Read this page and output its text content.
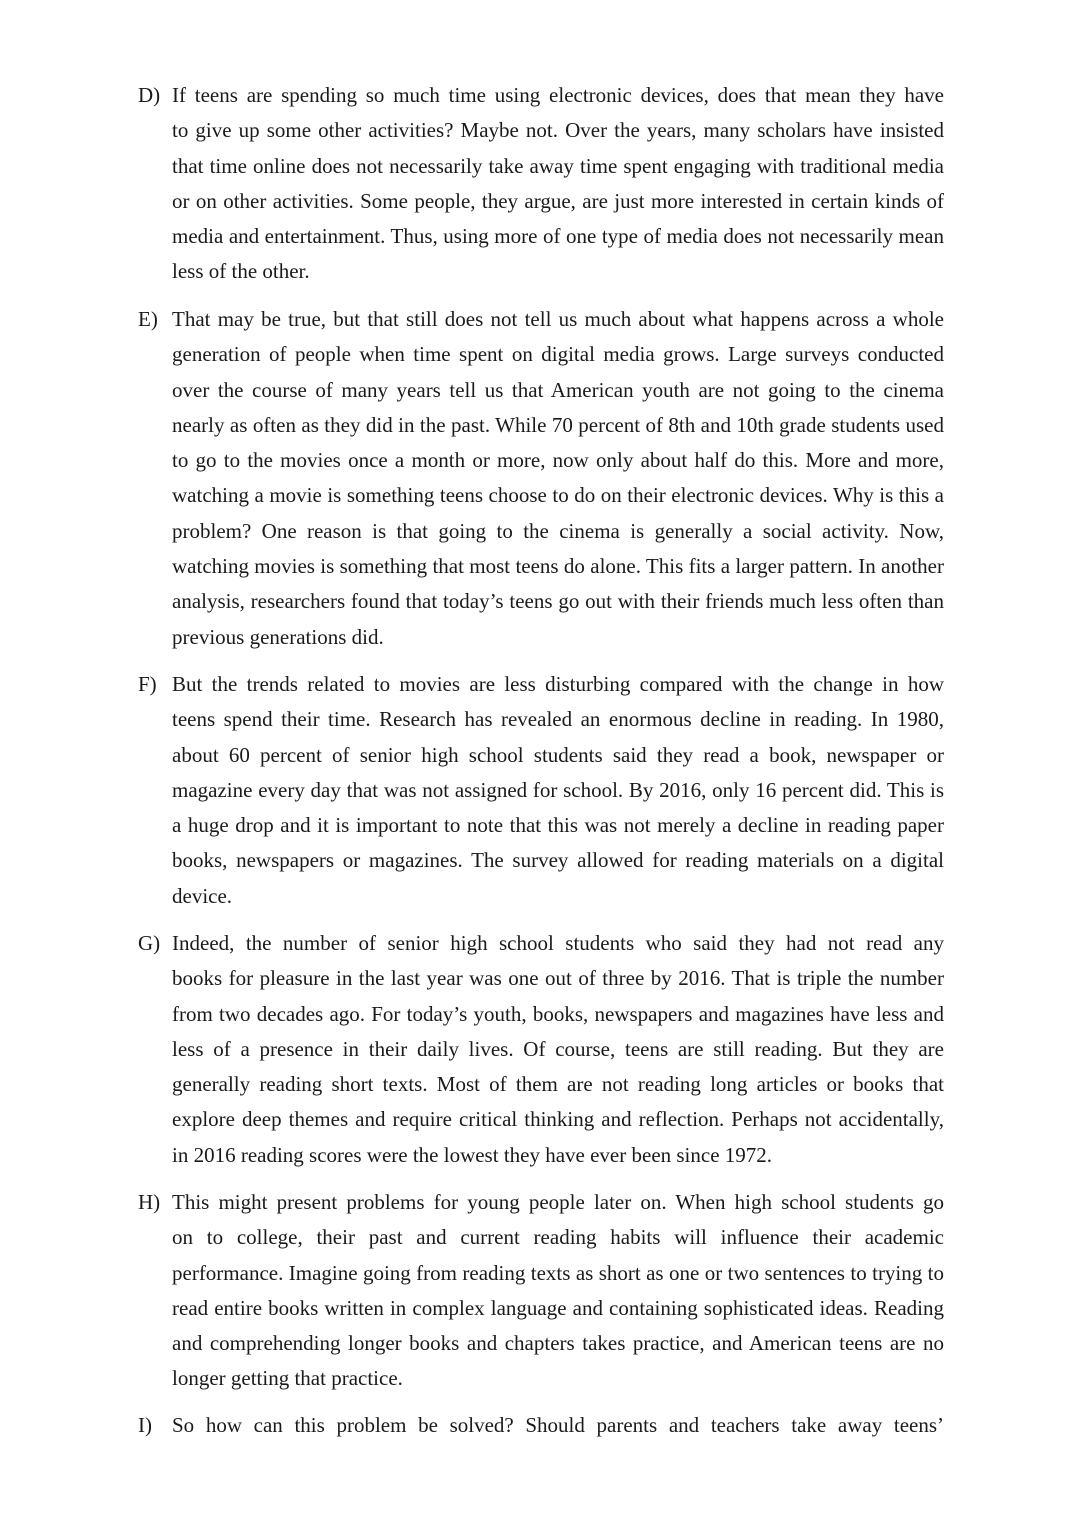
D) If teens are spending so much time using electronic devices, does that mean they have
to give up some other activities? Maybe not. Over the years, many scholars have insisted that time online does not necessarily take away time spent engaging with traditional media or on other activities. Some people, they argue, are just more interested in certain kinds of media and entertainment. Thus, using more of one type of media does not necessarily mean less of the other.
E) That may be true, but that still does not tell us much about what happens across a whole
generation of people when time spent on digital media grows. Large surveys conducted over the course of many years tell us that American youth are not going to the cinema nearly as often as they did in the past. While 70 percent of 8th and 10th grade students used to go to the movies once a month or more, now only about half do this. More and more, watching a movie is something teens choose to do on their electronic devices. Why is this a problem? One reason is that going to the cinema is generally a social activity. Now, watching movies is something that most teens do alone. This fits a larger pattern. In another analysis, researchers found that today’s teens go out with their friends much less often than previous generations did.
F) But the trends related to movies are less disturbing compared with the change in how
teens spend their time. Research has revealed an enormous decline in reading. In 1980, about 60 percent of senior high school students said they read a book, newspaper or magazine every day that was not assigned for school. By 2016, only 16 percent did. This is a huge drop and it is important to note that this was not merely a decline in reading paper books, newspapers or magazines. The survey allowed for reading materials on a digital device.
G) Indeed, the number of senior high school students who said they had not read any
books for pleasure in the last year was one out of three by 2016. That is triple the number from two decades ago. For today’s youth, books, newspapers and magazines have less and less of a presence in their daily lives. Of course, teens are still reading. But they are generally reading short texts. Most of them are not reading long articles or books that explore deep themes and require critical thinking and reflection. Perhaps not accidentally, in 2016 reading scores were the lowest they have ever been since 1972.
H) This might present problems for young people later on. When high school students go
on to college, their past and current reading habits will influence their academic performance. Imagine going from reading texts as short as one or two sentences to trying to read entire books written in complex language and containing sophisticated ideas. Reading and comprehending longer books and chapters takes practice, and American teens are no longer getting that practice.
I) So how can this problem be solved? Should parents and teachers take away teens’
